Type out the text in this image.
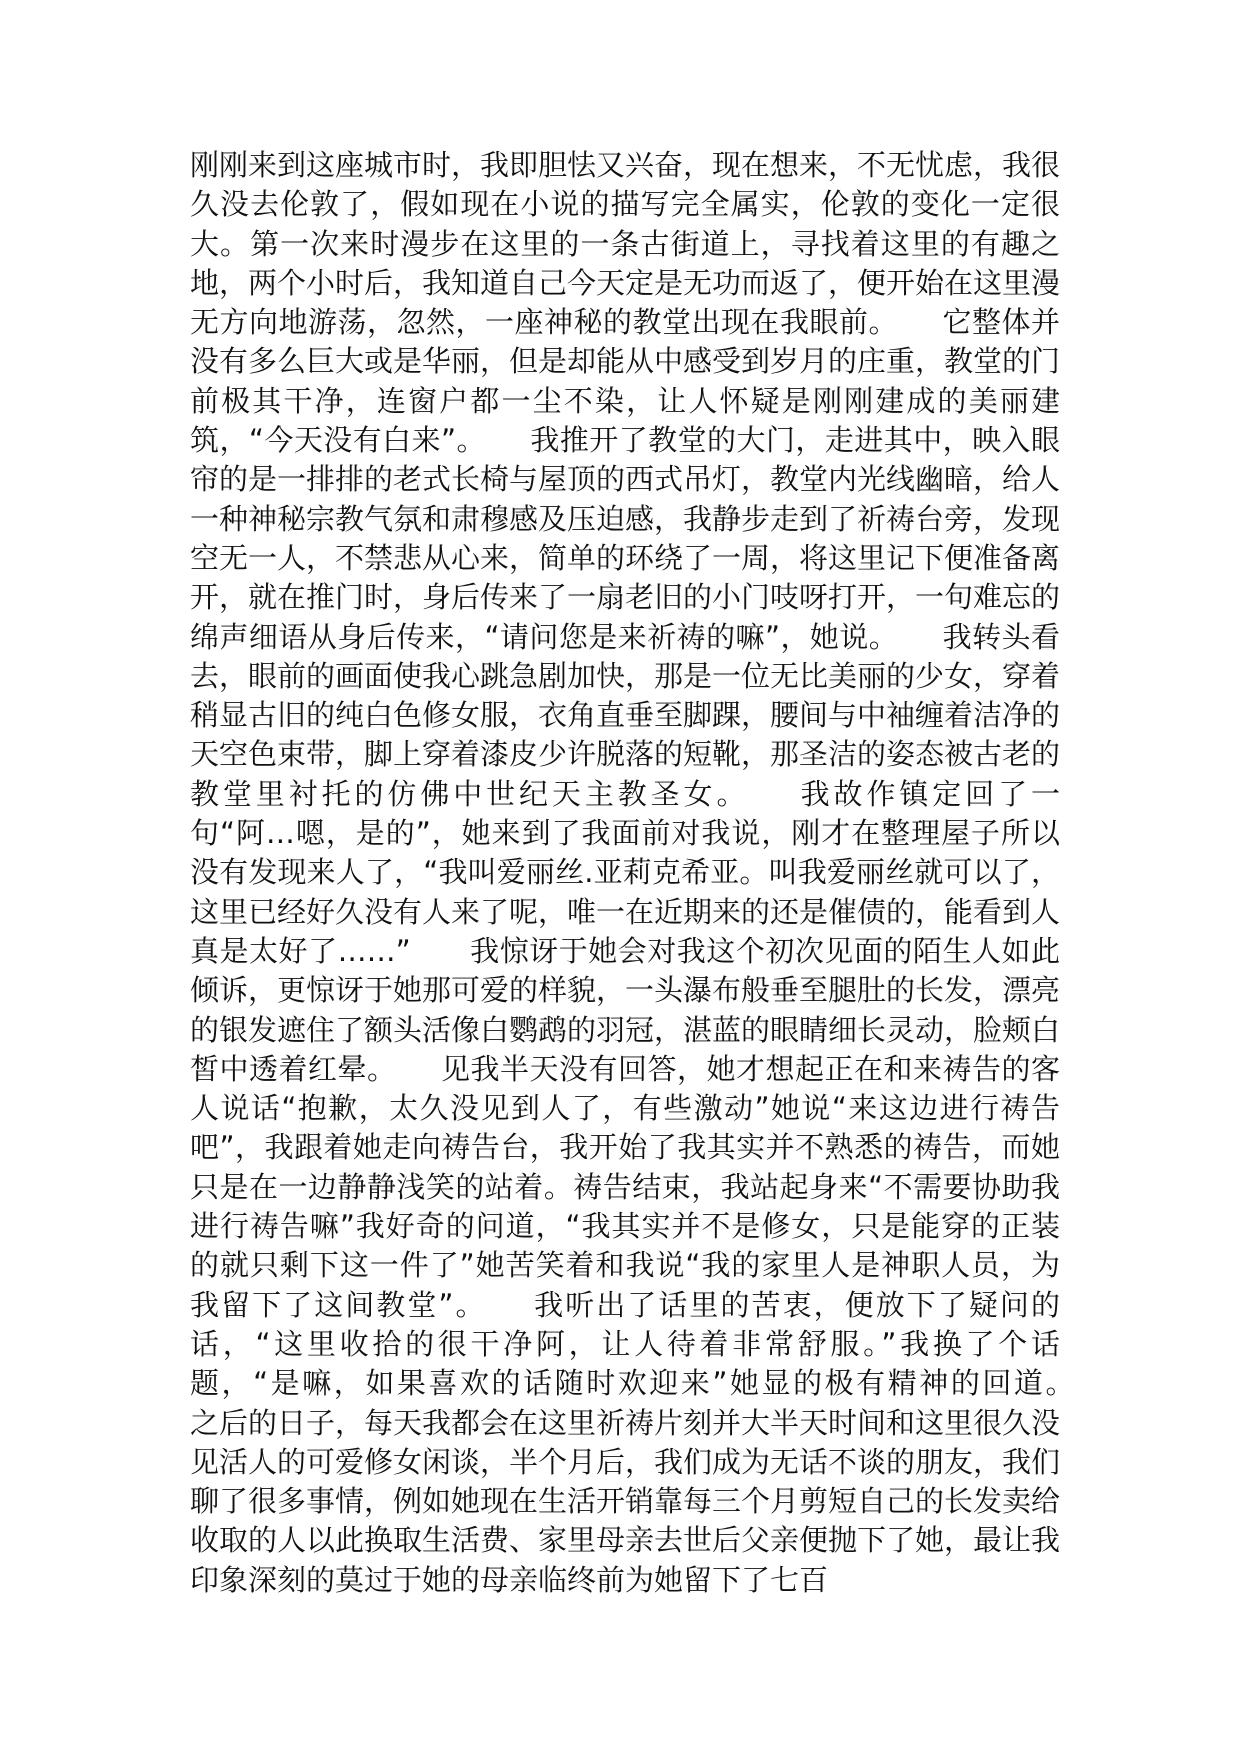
刚刚来到这座城市时，我即胆怯又兴奋，现在想来，不无忧虑，我很久没去伦敦了，假如现在小说的描写完全属实，伦敦的变化一定很大。第一次来时漫步在这里的一条古街道上，寻找着这里的有趣之地，两个小时后，我知道自己今天定是无功而返了，便开始在这里漫无方向地游荡，忽然，一座神秘的教堂出现在我眼前。　　它整体并没有多么巨大或是华丽，但是却能从中感受到岁月的庄重，教堂的门前极其干净，连窗户都一尘不染，让人怀疑是刚刚建成的美丽建筑，“今天没有白来”。　　我推开了教堂的大门，走进其中，映入眼帘的是一排排的老式长椅与屋顶的西式吊灯，教堂内光线幽暗，给人一种神秘宗教气氛和肃穆感及压迫感，我静步走到了祈祷台旁，发现空无一人，不禁悲从心来，简单的环绕了一周，将这里记下便准备离开，就在推门时，身后传来了一扇老旧的小门吱呀打开，一句难忘的绵声细语从身后传来，“请问您是来祈祷的嘛”，她说。　　我转头看去，眼前的画面使我心跳急剧加快，那是一位无比美丽的少女，穿着稍显古旧的纯白色修女服，衣角直垂至脚踝，腰间与中袖缠着洁净的天空色束带，脚上穿着漆皮少许脱落的短靴，那圣洁的姿态被古老的教堂里衬托的仿佛中世纪天主教圣女。　　我故作镇定回了一句“阿…嗯，是的”，她来到了我面前对我说，刚才在整理屋子所以没有发现来人了，“我叫爱丽丝.亚莉克希亚。叫我爱丽丝就可以了，这里已经好久没有人来了呢，唯一在近期来的还是催债的，能看到人真是太好了……”　　我惊讶于她会对我这个初次见面的陌生人如此倾诉，更惊讶于她那可爱的样貌，一头瀑布般垂至腿肚的长发，漂亮的银发遮住了额头活像白鹦鹉的羽冠，湛蓝的眼睛细长灵动，脸颊白皙中透着红晕。　　见我半天没有回答，她才想起正在和来祷告的客人说话“抱歉，太久没见到人了，有些激动”她说“来这边进行祷告吧”，我跟着她走向祷告台，我开始了我其实并不熟悉的祷告，而她只是在一边静静浅笑的站着。祷告结束，我站起身来“不需要协助我进行祷告嘛”我好奇的问道，“我其实并不是修女，只是能穿的正装的就只剩下这一件了”她苦笑着和我说“我的家里人是神职人员，为我留下了这间教堂”。　　我听出了话里的苦衷，便放下了疑问的话，“这里收拾的很干净阿，让人待着非常舒服。”我换了个话题，“是嘛，如果喜欢的话随时欢迎来”她显的极有精神的回道。　　之后的日子，每天我都会在这里祈祷片刻并大半天时间和这里很久没见活人的可爱修女闲谈，半个月后，我们成为无话不谈的朋友，我们聊了很多事情，例如她现在生活开销靠每三个月剪短自己的长发卖给收取的人以此换取生活费、家里母亲去世后父亲便抛下了她，最让我印象深刻的莫过于她的母亲临终前为她留下了七百
